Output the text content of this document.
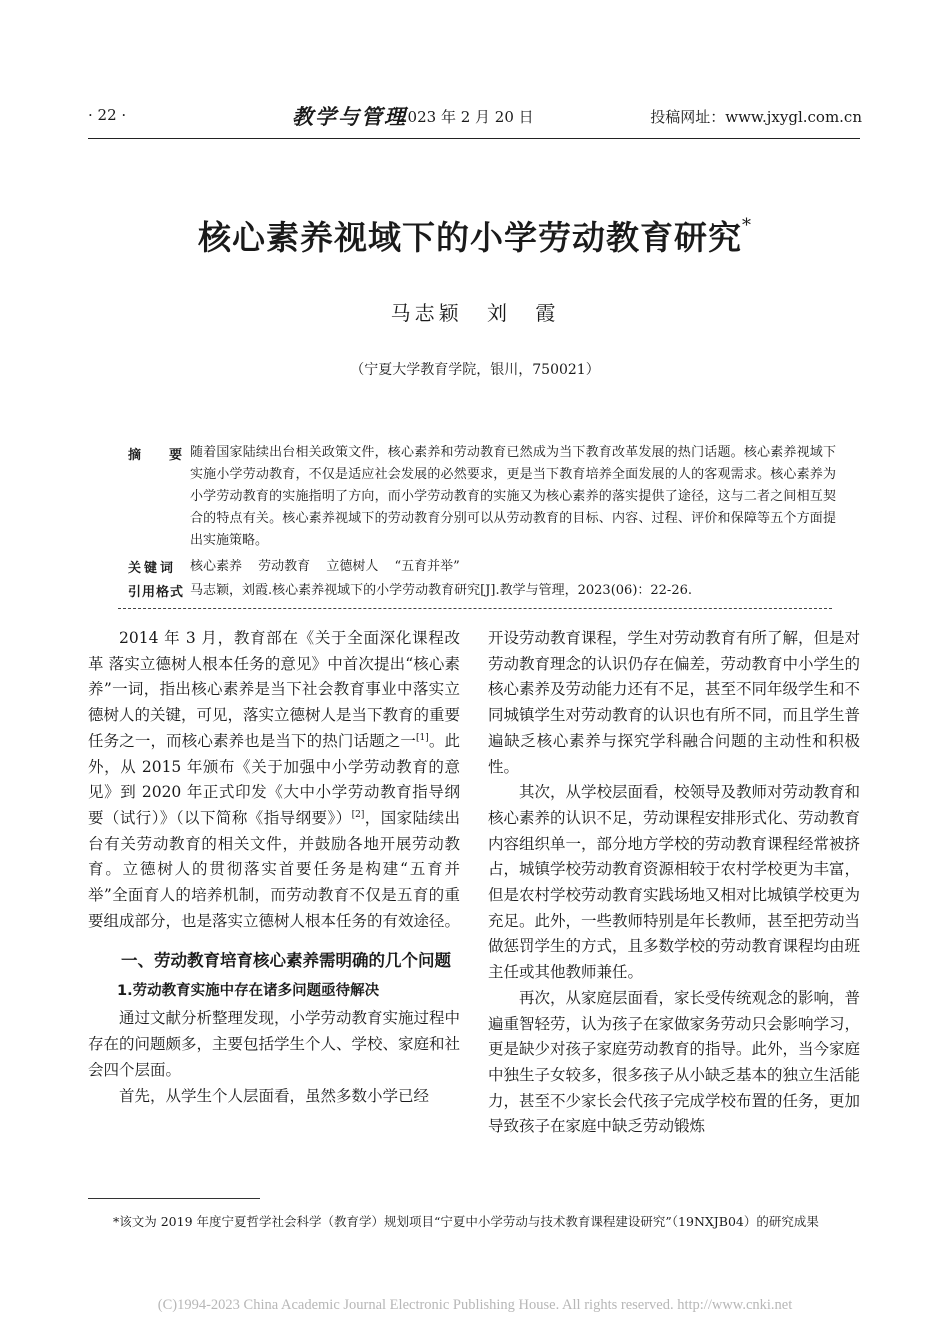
· 22 ·	教学与管理
2023 年 2 月 20 日	投稿网址：www.jxygl.com.cn
核心素养视域下的小学劳动教育研究*
马志颖 刘 霞
（宁夏大学教育学院，银川，750021）
摘要
随着国家陆续出台相关政策文件，核心素养和劳动教育已然成为当下教育改革发展的热门话题。核心素养视域下实施小学劳动教育，不仅是适应社会发展的必然要求，更是当下教育培养全面发展的人的客观需求。核心素养为小学劳动教育的实施指明了方向，而小学劳动教育的实施又为核心素养的落实提供了途径，这与二者之间相互契合的特点有关。核心素养视域下的劳动教育分别可以从劳动教育的目标、内容、过程、评价和保障等五个方面提出实施策略。
关键词 核心素养 劳动教育 立德树人 “五育并举”
引用格式 马志颖，刘霞.核心素养视域下的小学劳动教育研究[J].教学与管理，2023(06)：22-26.

2014 年 3 月，教育部在《关于全面深化课程改革 落实立德树人根本任务的意见》中首次提出“核心素养”一词，指出核心素养是当下社会教育事业中落实立德树人的关键，可见，落实立德树人是当下教育的重要任务之一，而核心素养也是当下的热门话题之一[1]。此外，从 2015 年颁布《关于加强中小学劳动教育的意见》到 2020 年正式印发《大中小学劳动教育指导纲要（试行）》（以下简称《指导纲要》）[2]，国家陆续出台有关劳动教育的相关文件，并鼓励各地开展劳动教育。立德树人的贯彻落实首要任务是构建“五育并举”全面育人的培养机制，而劳动教育不仅是五育的重要组成部分，也是落实立德树人根本任务的有效途径。

一、劳动教育培育核心素养需明确的几个问题
1.劳动教育实施中存在诸多问题亟待解决

通过文献分析整理发现，小学劳动教育实施过程中存在的问题颇多，主要包括学生个人、学校、家庭和社会四个层面。

首先，从学生个人层面看，虽然多数小学已经

开设劳动教育课程，学生对劳动教育有所了解，但是对劳动教育理念的认识仍存在偏差，劳动教育中小学生的核心素养及劳动能力还有不足，甚至不同年级学生和不同城镇学生对劳动教育的认识也有所不同，而且学生普遍缺乏核心素养与探究学科融合问题的主动性和积极性。

其次，从学校层面看，校领导及教师对劳动教育和核心素养的认识不足，劳动课程安排形式化、劳动教育内容组织单一，部分地方学校的劳动教育课程经常被挤占，城镇学校劳动教育资源相较于农村学校更为丰富，但是农村学校劳动教育实践场地又相对比城镇学校更为充足。此外，一些教师特别是年长教师，甚至把劳动当做惩罚学生的方式，且多数学校的劳动教育课程均由班主任或其他教师兼任。

再次，从家庭层面看，家长受传统观念的影响，普遍重智轻劳，认为孩子在家做家务劳动只会影响学习，更是缺少对孩子家庭劳动教育的指导。此外，当今家庭中独生子女较多，很多孩子从小缺乏基本的独立生活能力，甚至不少家长会代孩子完成学校布置的任务，更加导致孩子在家庭中缺乏劳动锻炼

*该文为 2019 年度宁夏哲学社会科学（教育学）规划项目“宁夏中小学劳动与技术教育课程建设研究”（19NXJB04）的研究成果
(C)1994-2023 China Academic Journal Electronic Publishing House. All rights reserved. http://www.cnki.net
